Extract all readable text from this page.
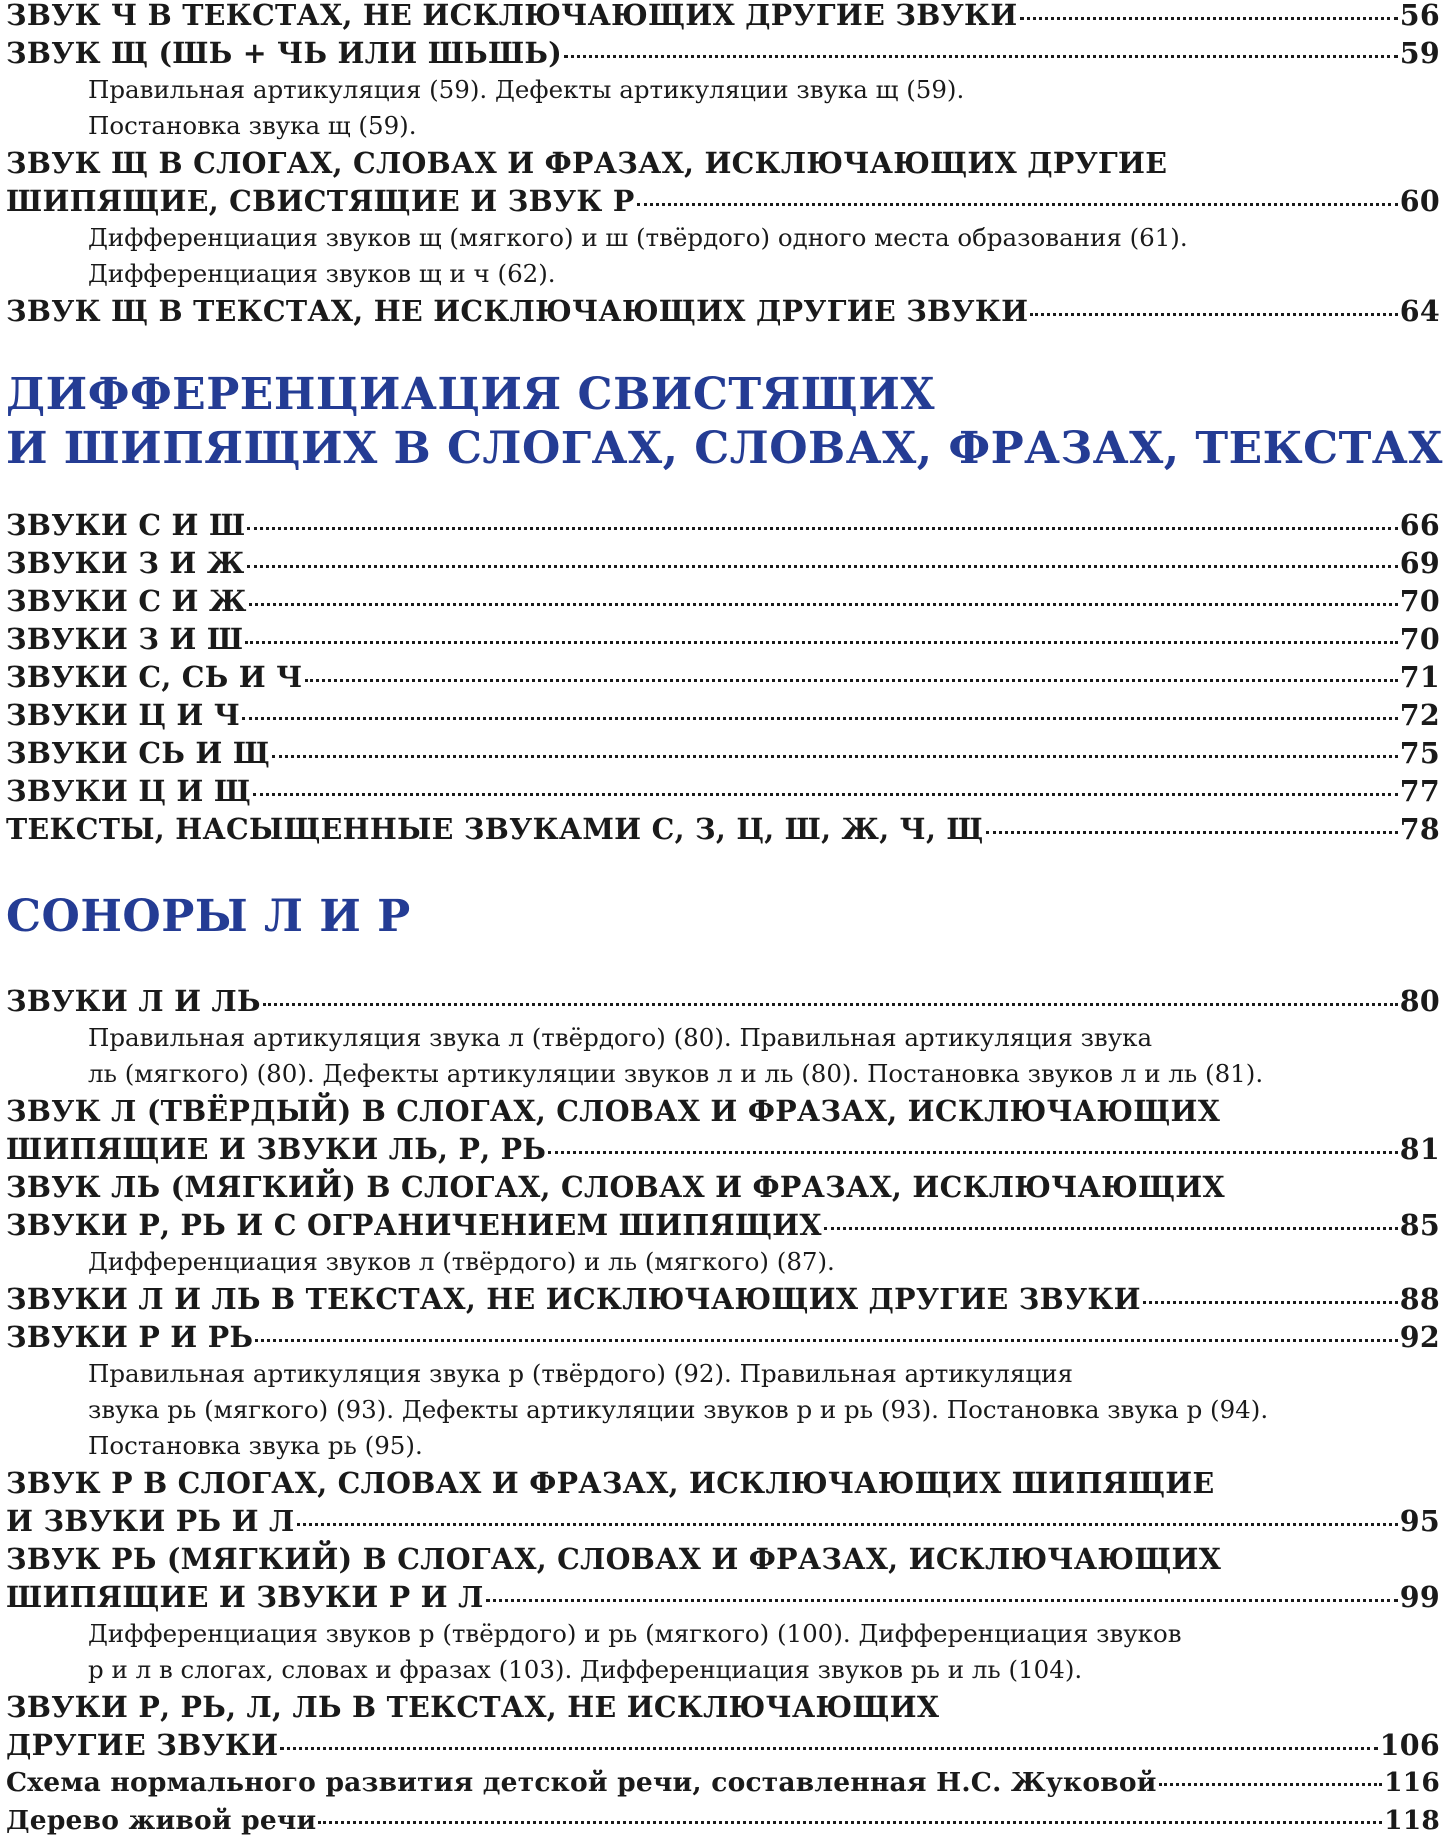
ЗВУК Ч В ТЕКСТАХ, НЕ ИСКЛЮЧАЮЩИХ ДРУГИЕ ЗВУКИ	56
ЗВУК Щ (ШЬ + ЧЬ ИЛИ ШЬШЬ)	59
Правильная артикуляция (59). Дефекты артикуляции звука щ (59).
Постановка звука щ (59).
ЗВУК Щ В СЛОГАХ, СЛОВАХ И ФРАЗАХ, ИСКЛЮЧАЮЩИХ ДРУГИЕ
ШИПЯЩИЕ, СВИСТЯЩИЕ И ЗВУК Р	60
Дифференциация звуков щ (мягкого) и ш (твёрдого) одного места образования (61).
Дифференциация звуков щ и ч (62).
ЗВУК Щ В ТЕКСТАХ, НЕ ИСКЛЮЧАЮЩИХ ДРУГИЕ ЗВУКИ	64
ДИФФЕРЕНЦИАЦИЯ СВИСТЯЩИХ
И ШИПЯЩИХ В СЛОГАХ, СЛОВАХ, ФРАЗАХ, ТЕКСТАХ
ЗВУКИ С И Ш	66
ЗВУКИ З И Ж	69
ЗВУКИ С И Ж	70
ЗВУКИ З И Ш	70
ЗВУКИ С, СЬ И Ч	71
ЗВУКИ Ц И Ч	72
ЗВУКИ СЬ И Щ	75
ЗВУКИ Ц И Щ	77
ТЕКСТЫ, НАСЫЩЕННЫЕ ЗВУКАМИ С, З, Ц, Ш, Ж, Ч, Щ	78
СОНОРЫ Л И Р
ЗВУКИ Л И ЛЬ	80
Правильная артикуляция звука л (твёрдого) (80). Правильная артикуляция звука
ль (мягкого) (80). Дефекты артикуляции звуков л и ль (80). Постановка звуков л и ль (81).
ЗВУК Л (ТВЁРДЫЙ) В СЛОГАХ, СЛОВАХ И ФРАЗАХ, ИСКЛЮЧАЮЩИХ
ШИПЯЩИЕ И ЗВУКИ ЛЬ, Р, РЬ	81
ЗВУК ЛЬ (МЯГКИЙ) В СЛОГАХ, СЛОВАХ И ФРАЗАХ, ИСКЛЮЧАЮЩИХ
ЗВУКИ Р, РЬ И С ОГРАНИЧЕНИЕМ ШИПЯЩИХ	85
Дифференциация звуков л (твёрдого) и ль (мягкого) (87).
ЗВУКИ Л И ЛЬ В ТЕКСТАХ, НЕ ИСКЛЮЧАЮЩИХ ДРУГИЕ ЗВУКИ	88
ЗВУКИ Р И РЬ	92
Правильная артикуляция звука р (твёрдого) (92). Правильная артикуляция
звука рь (мягкого) (93). Дефекты артикуляции звуков р и рь (93). Постановка звука р (94).
Постановка звука рь (95).
ЗВУК Р В СЛОГАХ, СЛОВАХ И ФРАЗАХ, ИСКЛЮЧАЮЩИХ ШИПЯЩИЕ
И ЗВУКИ РЬ И Л	95
ЗВУК РЬ (МЯГКИЙ) В СЛОГАХ, СЛОВАХ И ФРАЗАХ, ИСКЛЮЧАЮЩИХ
ШИПЯЩИЕ И ЗВУКИ Р И Л	99
Дифференциация звуков р (твёрдого) и рь (мягкого) (100). Дифференциация звуков
р и л в слогах, словах и фразах (103). Дифференциация звуков рь и ль (104).
ЗВУКИ Р, РЬ, Л, ЛЬ В ТЕКСТАХ, НЕ ИСКЛЮЧАЮЩИХ
ДРУГИЕ ЗВУКИ	106
Схема нормального развития детской речи, составленная Н.С. Жуковой	116
Дерево живой речи	118
